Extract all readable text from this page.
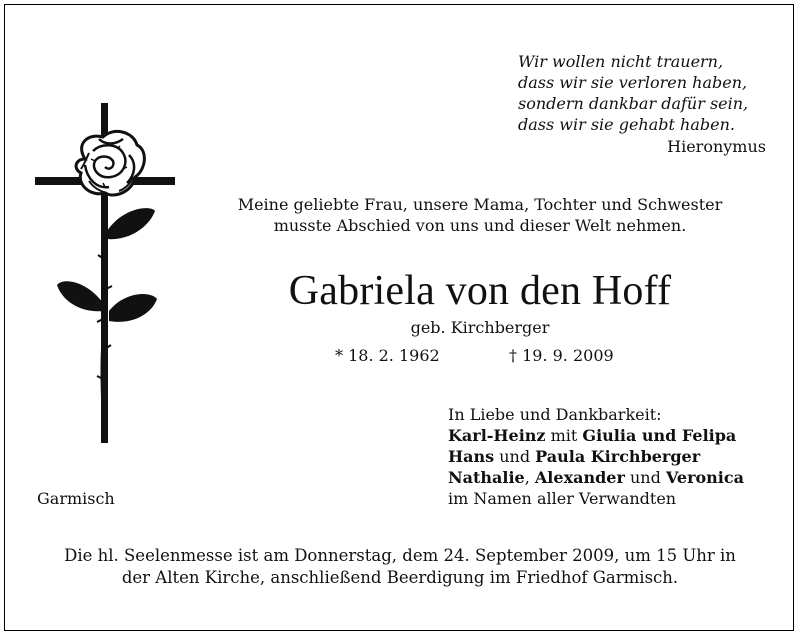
Wir wollen nicht trauern,
dass wir sie verloren haben,
sondern dankbar dafür sein,
dass wir sie gehabt haben.
Hieronymus
Meine geliebte Frau, unsere Mama, Tochter und Schwester
musste Abschied von uns und dieser Welt nehmen.
Gabriela von den Hoff
geb. Kirchberger
* 18. 2. 1962	† 19. 9. 2009
In Liebe und Dankbarkeit:
Karl-Heinz mit Giulia und Felipa
Hans und Paula Kirchberger
Nathalie, Alexander und Veronica
im Namen aller Verwandten
Garmisch
Die hl. Seelenmesse ist am Donnerstag, dem 24. September 2009, um 15 Uhr in
der Alten Kirche, anschließend Beerdigung im Friedhof Garmisch.
